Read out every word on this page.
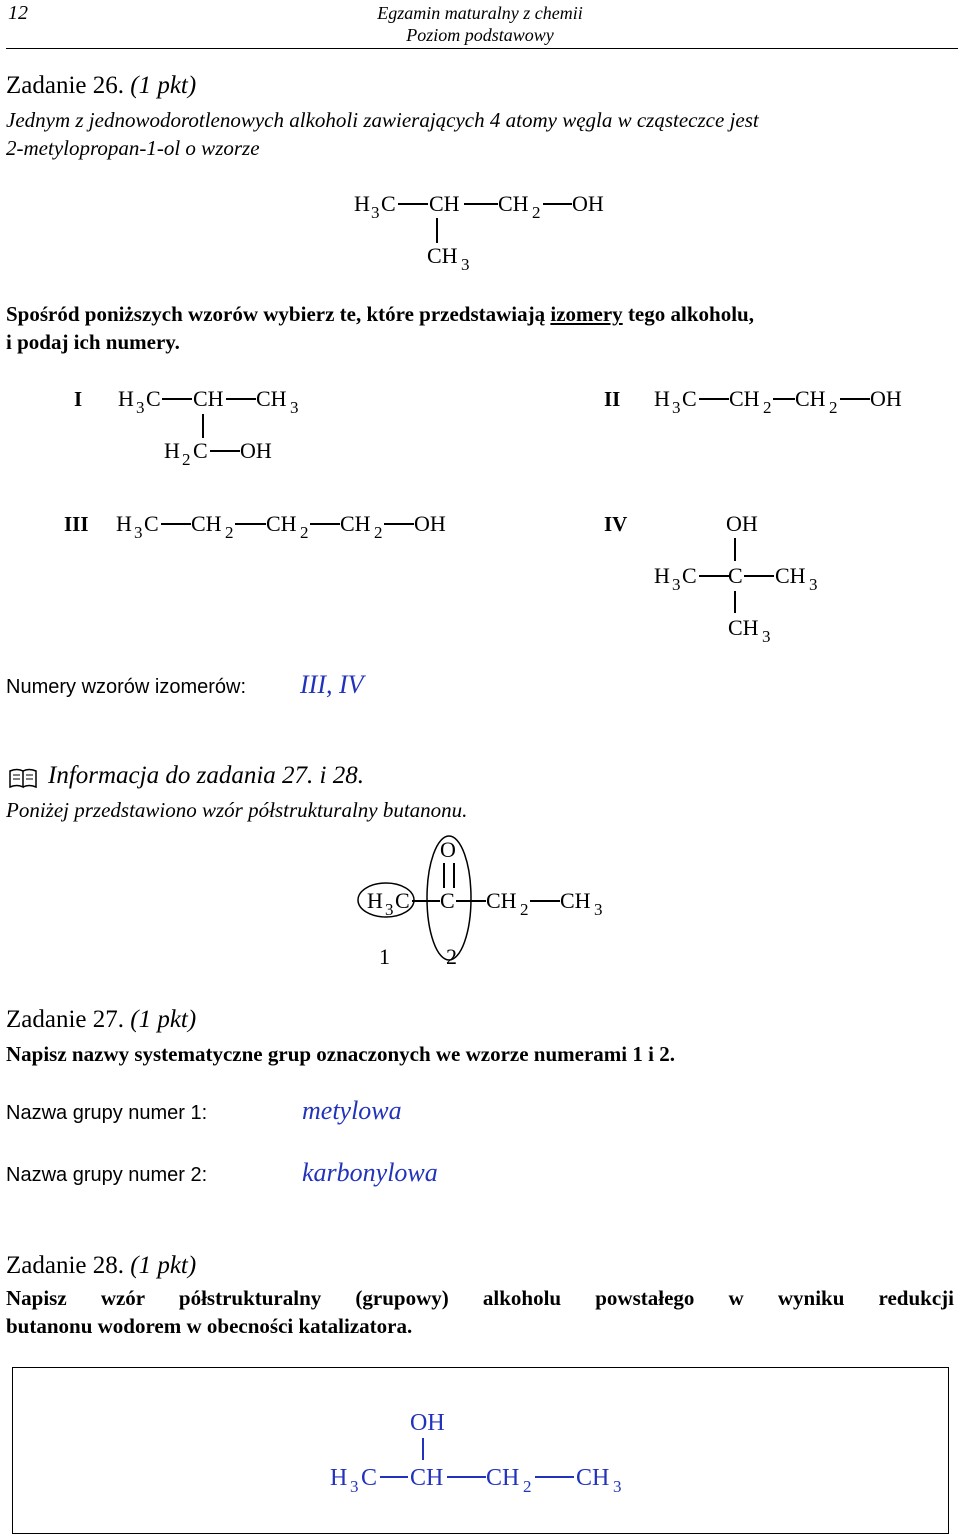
12	Egzamin maturalny z chemii
Poziom podstawowy
Zadanie 26. (1 pkt)
Jednym z jednowodorotlenowych alkoholi zawierających 4 atomy węgla w cząsteczce jest
2-metylopropan-1-ol o wzorze
H 3 C CH CH 2 OH
CH 3
Spośród poniższych wzorów wybierz te, które przedstawiają izomery tego alkoholu,
i podaj ich numery.
I H 3 C CH CH 3
H 2 C OH
II H 3 C CH 2 CH 2 OH
III H 3 C CH 2 CH 2 CH 2 OH	IV	OH
H 3 C C CH 3
CH 3
Numery wzorów izomerów: III, IV
Informacja do zadania 27. i 28.
Poniżej przedstawiono wzór półstrukturalny butanonu.
O
H 3 C C CH 2 CH 3
1	2
Zadanie 27. (1 pkt)
Napisz nazwy systematyczne grup oznaczonych we wzorze numerami 1 i 2.
Nazwa grupy numer 1:	metylowa
Nazwa grupy numer 2:	karbonylowa
Zadanie 28. (1 pkt)
Napisz wzór półstrukturalny (grupowy) alkoholu powstałego w wyniku redukcji
butanonu wodorem w obecności katalizatora.
OH
H 3 C CH CH 2 CH 3
